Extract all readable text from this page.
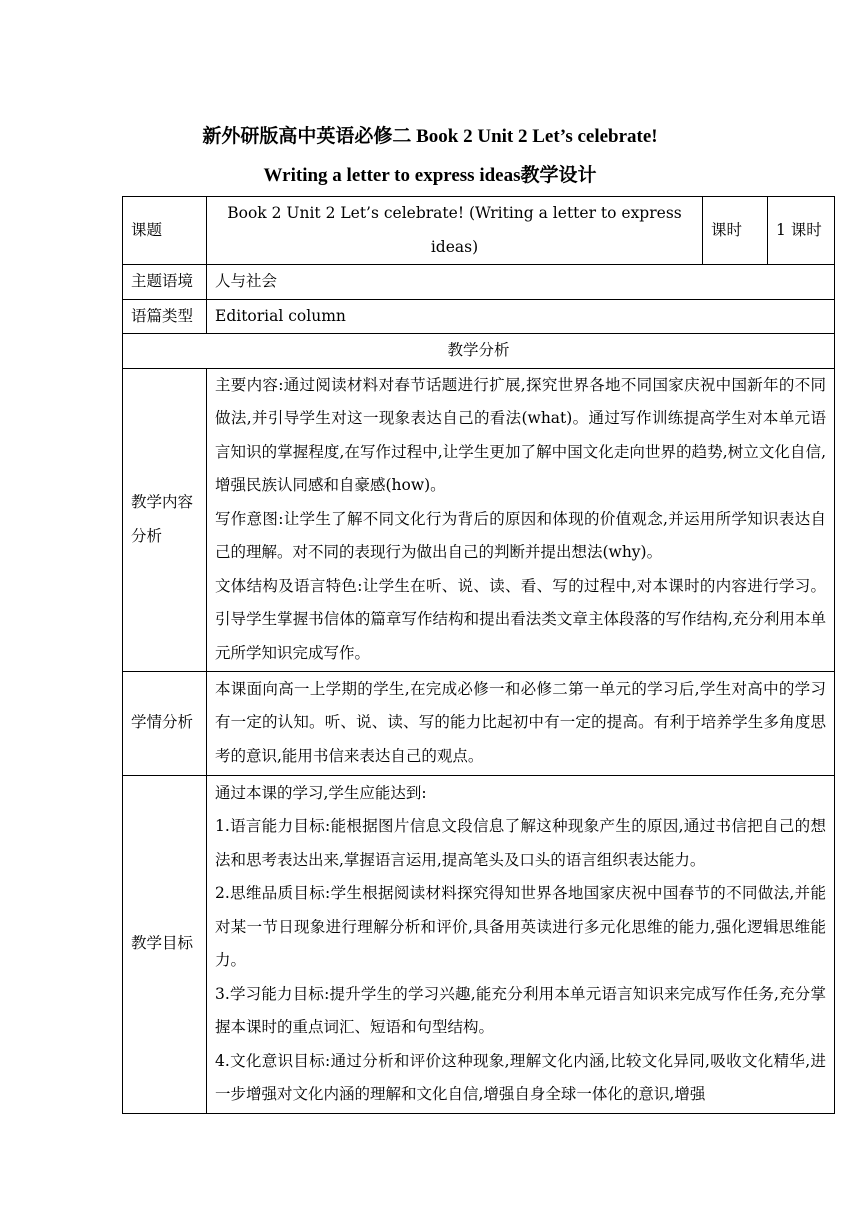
新外研版高中英语必修二 Book 2 Unit 2 Let’s celebrate!
Writing a letter to express ideas教学设计
课题	Book 2 Unit 2 Let’s celebrate! (Writing a letter to express ideas)	课时	1 课时
主题语境	人与社会		
语篇类型	Editorial column		
教学分析			
教学内容分析	主要内容:通过阅读材料对春节话题进行扩展,探究世界各地不同国家庆祝中国新年的不同做法,并引导学生对这一现象表达自己的看法(what)。通过写作训练提高学生对本单元语言知识的掌握程度,在写作过程中,让学生更加了解中国文化走向世界的趋势,树立文化自信,增强民族认同感和自豪感(how)。
写作意图:让学生了解不同文化行为背后的原因和体现的价值观念,并运用所学知识表达自己的理解。对不同的表现行为做出自己的判断并提出想法(why)。
文体结构及语言特色:让学生在听、说、读、看、写的过程中,对本课时的内容进行学习。引导学生掌握书信体的篇章写作结构和提出看法类文章主体段落的写作结构,充分利用本单元所学知识完成写作。		

学情分析	本课面向高一上学期的学生,在完成必修一和必修二第一单元的学习后,学生对高中的学习有一定的认知。听、说、读、写的能力比起初中有一定的提高。有利于培养学生多角度思考的意识,能用书信来表达自己的观点。		

教学目标	通过本课的学习,学生应能达到:
1.语言能力目标:能根据图片信息文段信息了解这种现象产生的原因,通过书信把自己的想法和思考表达出来,掌握语言运用,提高笔头及口头的语言组织表达能力。
2.思维品质目标:学生根据阅读材料探究得知世界各地国家庆祝中国春节的不同做法,并能对某一节日现象进行理解分析和评价,具备用英读进行多元化思维的能力,强化逻辑思维能力。
3.学习能力目标:提升学生的学习兴趣,能充分利用本单元语言知识来完成写作任务,充分掌握本课时的重点词汇、短语和句型结构。
4.文化意识目标:通过分析和评价这种现象,理解文化内涵,比较文化异同,吸收文化精华,进一步增强对文化内涵的理解和文化自信,增强自身全球一体化的意识,增强		
